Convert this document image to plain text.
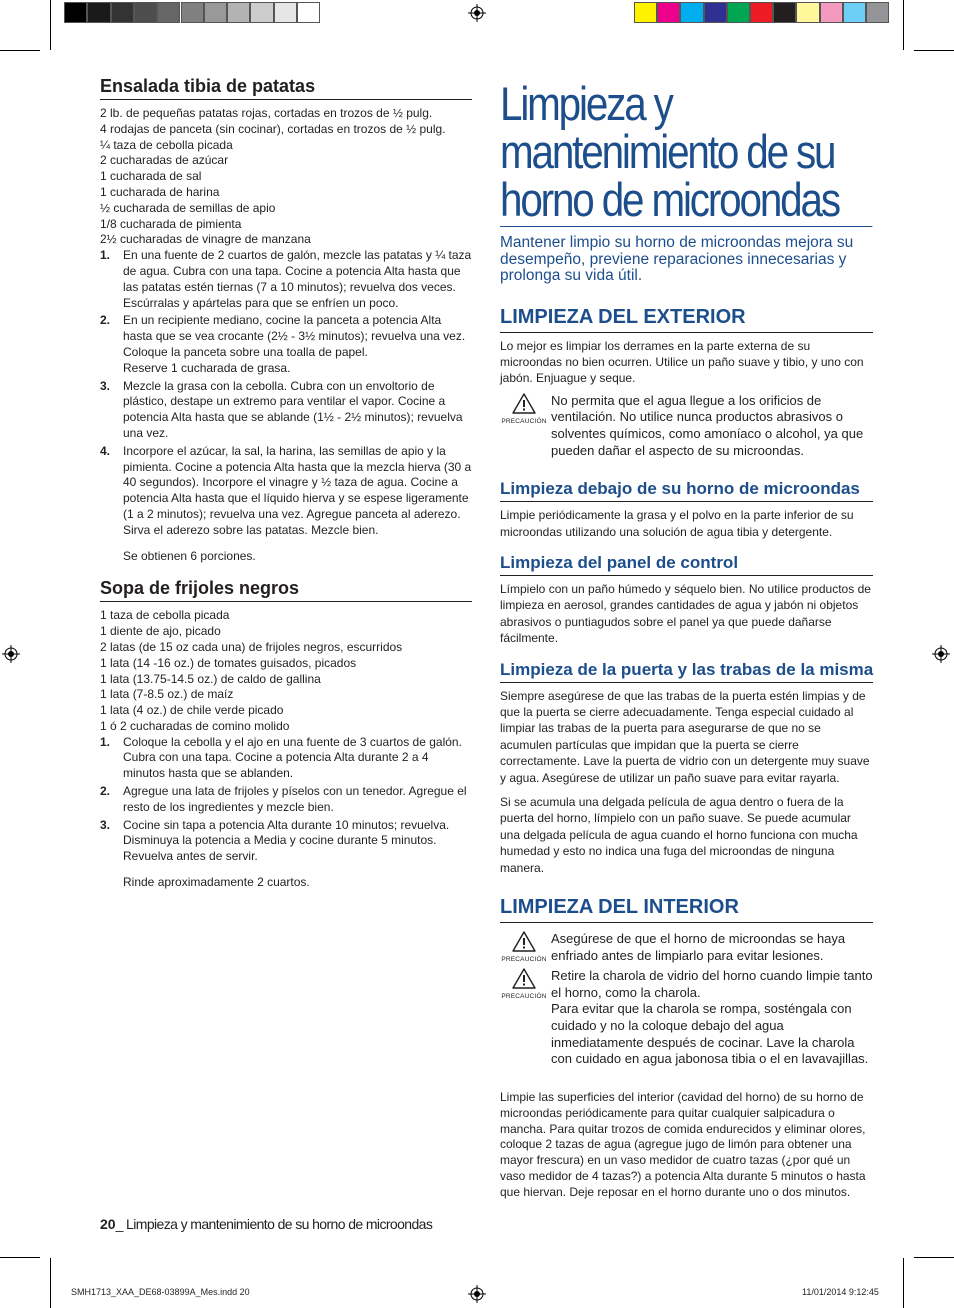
Ensalada tibia de patatas
2 lb. de pequeñas patatas rojas, cortadas en trozos de ½ pulg.
4 rodajas de panceta (sin cocinar), cortadas en trozos de ½ pulg.
¼ taza de cebolla picada
2 cucharadas de azúcar
1 cucharada de sal
1 cucharada de harina
½ cucharada de semillas de apio
1/8 cucharada de pimienta
2½ cucharadas de vinagre de manzana
1. En una fuente de 2 cuartos de galón, mezcle las patatas y ¼ taza de agua. Cubra con una tapa. Cocine a potencia Alta hasta que las patatas estén tiernas (7 a 10 minutos); revuelva dos veces. Escúrralas y apártelas para que se enfríen un poco.
2. En un recipiente mediano, cocine la panceta a potencia Alta hasta que se vea crocante (2½ - 3½ minutos); revuelva una vez. Coloque la panceta sobre una toalla de papel.
Reserve 1 cucharada de grasa.
3. Mezcle la grasa con la cebolla. Cubra con un envoltorio de plástico, destape un extremo para ventilar el vapor. Cocine a potencia Alta hasta que se ablande (1½ - 2½ minutos); revuelva una vez.
4. Incorpore el azúcar, la sal, la harina, las semillas de apio y la pimienta. Cocine a potencia Alta hasta que la mezcla hierva (30 a 40 segundos). Incorpore el vinagre y ½ taza de agua. Cocine a potencia Alta hasta que el líquido hierva y se espese ligeramente (1 a 2 minutos); revuelva una vez. Agregue panceta al aderezo. Sirva el aderezo sobre las patatas. Mezcle bien.
Se obtienen 6 porciones.
Sopa de frijoles negros
1 taza de cebolla picada
1 diente de ajo, picado
2 latas (de 15 oz cada una) de frijoles negros, escurridos
1 lata (14 -16 oz.) de tomates guisados, picados
1 lata (13.75-14.5 oz.) de caldo de gallina
1 lata (7-8.5 oz.) de maíz
1 lata (4 oz.) de chile verde picado
1 ó 2 cucharadas de comino molido
1. Coloque la cebolla y el ajo en una fuente de 3 cuartos de galón. Cubra con una tapa. Cocine a potencia Alta durante 2 a 4 minutos hasta que se ablanden.
2. Agregue una lata de frijoles y píselos con un tenedor. Agregue el resto de los ingredientes y mezcle bien.
3. Cocine sin tapa a potencia Alta durante 10 minutos; revuelva. Disminuya la potencia a Media y cocine durante 5 minutos. Revuelva antes de servir.
Rinde aproximadamente 2 cuartos.
Limpieza y
mantenimiento de su
horno de microondas
Mantener limpio su horno de microondas mejora su desempeño, previene reparaciones innecesarias y prolonga su vida útil.
LIMPIEZA DEL EXTERIOR
Lo mejor es limpiar los derrames en la parte externa de su microondas no bien ocurren. Utilice un paño suave y tibio, y uno con jabón. Enjuague y seque.
PRECAUCIÓN
No permita que el agua llegue a los orificios de ventilación. No utilice nunca productos abrasivos o solventes químicos, como amoníaco o alcohol, ya que pueden dañar el aspecto de su microondas.
Limpieza debajo de su horno de microondas
Limpie periódicamente la grasa y el polvo en la parte inferior de su microondas utilizando una solución de agua tibia y detergente.
Limpieza del panel de control
Límpielo con un paño húmedo y séquelo bien. No utilice productos de limpieza en aerosol, grandes cantidades de agua y jabón ni objetos abrasivos o puntiagudos sobre el panel ya que puede dañarse fácilmente.
Limpieza de la puerta y las trabas de la misma
Siempre asegúrese de que las trabas de la puerta estén limpias y de que la puerta se cierre adecuadamente. Tenga especial cuidado al limpiar las trabas de la puerta para asegurarse de que no se acumulen partículas que impidan que la puerta se cierre correctamente. Lave la puerta de vidrio con un detergente muy suave y agua. Asegúrese de utilizar un paño suave para evitar rayarla.
Si se acumula una delgada película de agua dentro o fuera de la puerta del horno, límpielo con un paño suave. Se puede acumular una delgada película de agua cuando el horno funciona con mucha humedad y esto no indica una fuga del microondas de ninguna manera.
LIMPIEZA DEL INTERIOR
PRECAUCIÓN
Asegúrese de que el horno de microondas se haya enfriado antes de limpiarlo para evitar lesiones.
PRECAUCIÓN
Retire la charola de vidrio del horno cuando limpie tanto el horno, como la charola.
Para evitar que la charola se rompa, sosténgala con cuidado y no la coloque debajo del agua inmediatamente después de cocinar. Lave la charola con cuidado en agua jabonosa tibia o el en lavavajillas.
Limpie las superficies del interior (cavidad del horno) de su horno de microondas periódicamente para quitar cualquier salpicadura o mancha. Para quitar trozos de comida endurecidos y eliminar olores, coloque 2 tazas de agua (agregue jugo de limón para obtener una mayor frescura) en un vaso medidor de cuatro tazas (¿por qué un vaso medidor de 4 tazas?) a potencia Alta durante 5 minutos o hasta que hiervan. Deje reposar en el horno durante uno o dos minutos.
20_ Limpieza y mantenimiento de su horno de microondas
SMH1713_XAA_DE68-03899A_Mes.indd 20	11/01/2014 9:12:45
